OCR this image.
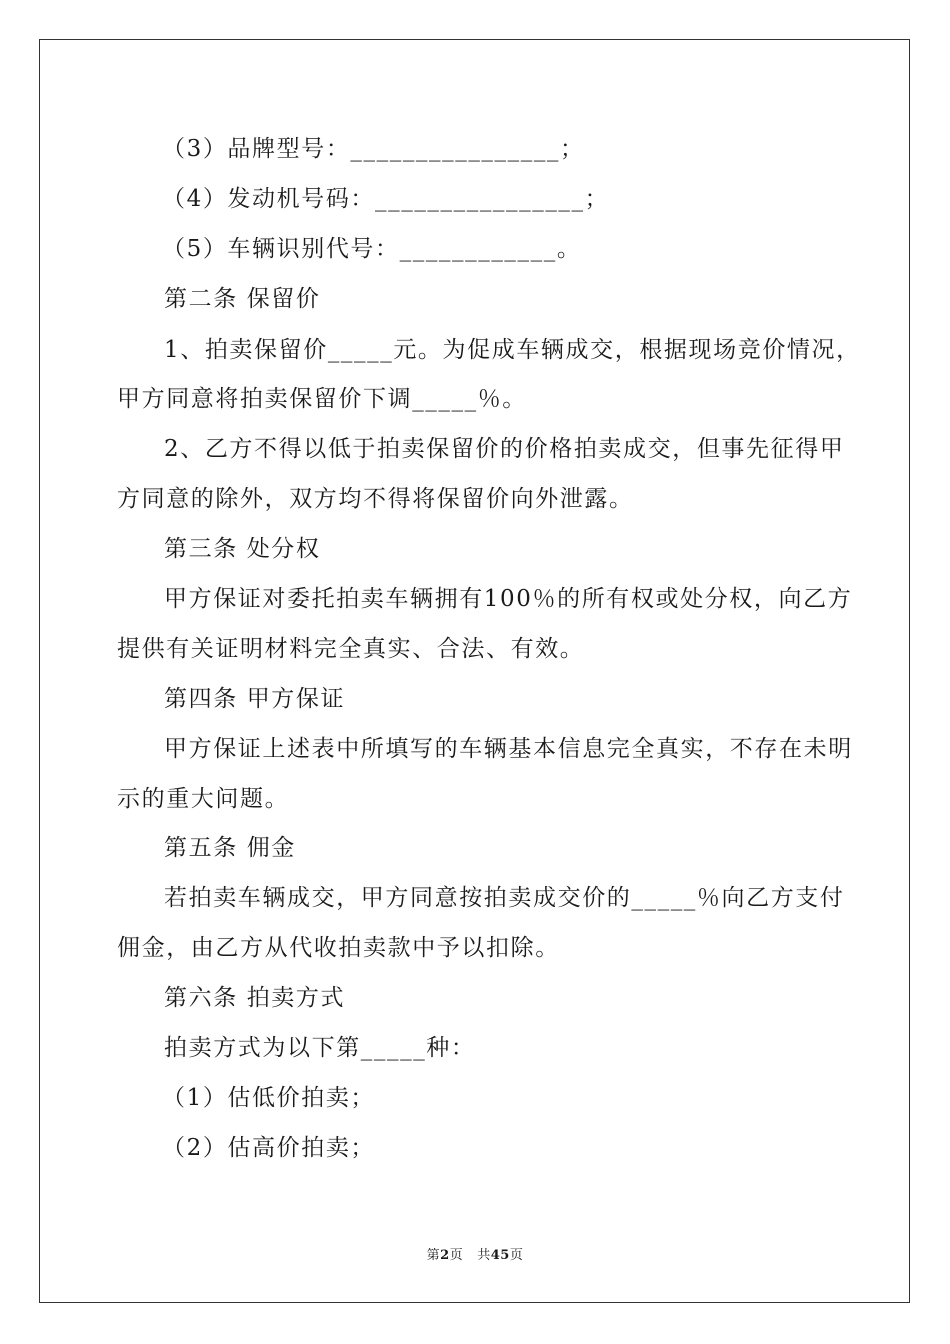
（3）品牌型号：________________；
（4）发动机号码：________________；
（5）车辆识别代号：____________。
第二条 保留价
1、拍卖保留价_____元。为促成车辆成交，根据现场竞价情况，
甲方同意将拍卖保留价下调_____％。
2、乙方不得以低于拍卖保留价的价格拍卖成交，但事先征得甲
方同意的除外，双方均不得将保留价向外泄露。
第三条 处分权
甲方保证对委托拍卖车辆拥有100％的所有权或处分权，向乙方
提供有关证明材料完全真实、合法、有效。
第四条 甲方保证
甲方保证上述表中所填写的车辆基本信息完全真实，不存在未明
示的重大问题。
第五条 佣金
若拍卖车辆成交，甲方同意按拍卖成交价的_____％向乙方支付
佣金，由乙方从代收拍卖款中予以扣除。
第六条 拍卖方式
拍卖方式为以下第_____种：
（1）估低价拍卖；
（2）估高价拍卖；
第2页 共45页
